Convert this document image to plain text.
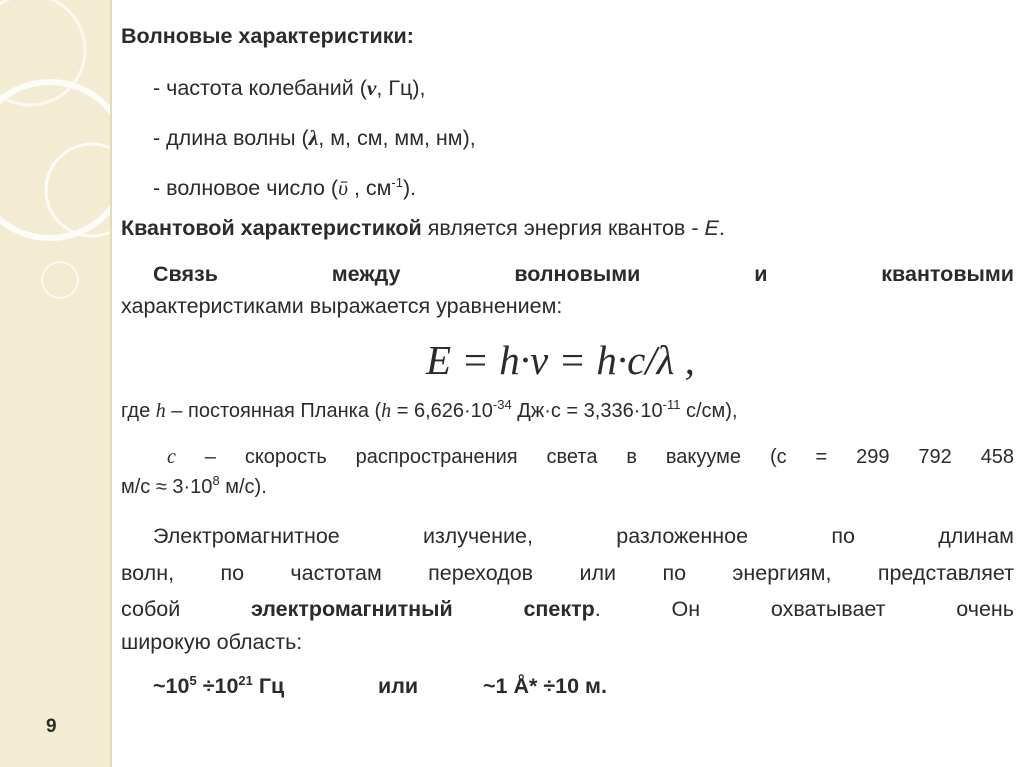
9
Волновые характеристики:
- частота колебаний (ν, Гц),
- длина волны (λ, м, см, мм, нм),
- волновое число (ῡ , $см^{-1}$).
Квантовой характеристикой является энергия квантов - Е.
Связь	между	волновыми	и	квантовыми
характеристиками выражается уравнением:
E = h·ν = h·c/λ ,
где h – постоянная Планка ($h = 6,626\cdot 10^{-34}$ $Дж\cdot с = 3,336\cdot 10^{-11}$ с/см),
c – скорость распространения света в вакууме (c = 299 792 458
$м/с \approx 3\cdot 10^8$ м/с).
Электромагнитное	излучение,	разложенное	по	длинам
волн, по частотам переходов или по энергиям, представляет
собой	электромагнитный спектр.	Он	охватывает	очень
широкую область:
$\sim 10^5 \div 10^{21}$ Гц	или	~1 Å* ÷10 м.
